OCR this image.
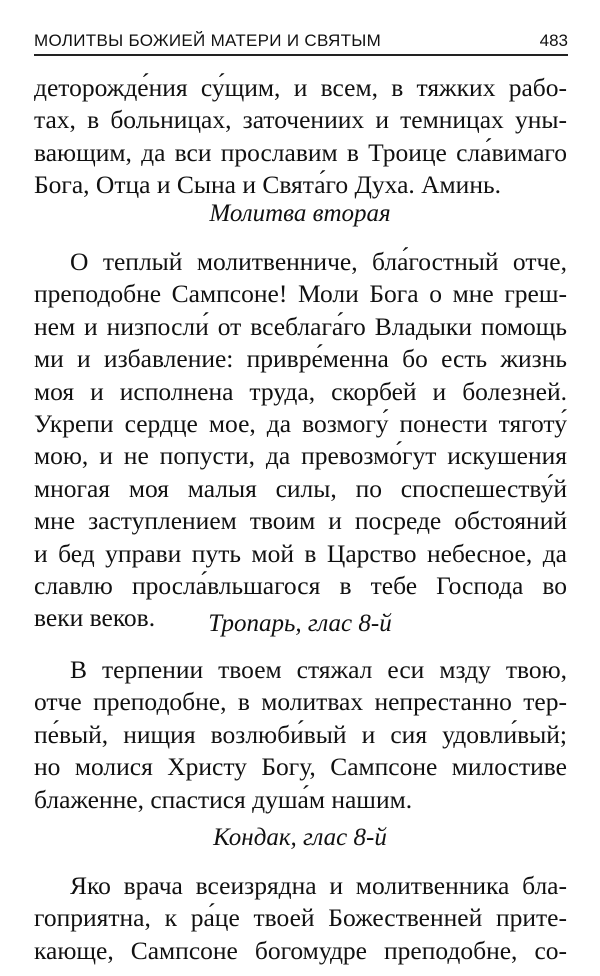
МОЛИТВЫ БОЖИЕЙ МАТЕРИ И СВЯТЫМ	483
деторожде́ния су́щим, и всем, в тяжких рабо-
тах, в больницах, заточениих и темницах уны-
вающим, да вси прославим в Троице сла́вимаго
Бога, Отца и Сына и Свята́го Духа. Аминь.
Молитва вторая
О теплый молитвенниче, бла́гостный отче,
преподобне Сампсоне! Моли Бога о мне греш-
нем и низпосли́ от всеблага́го Владыки помощь
ми и избавление: привре́менна бо есть жизнь
моя и исполнена труда, скорбей и болезней.
Укрепи сердце мое, да возмогу́ понести тяготу́
мою, и не попусти, да превозмо́гут искушения
многая моя малыя силы, по споспешеству́й
мне заступлением твоим и посреде обстояний
и бед управи путь мой в Царство небесное, да
славлю просла́вльшагося в тебе Господа во
веки веков.	Тропарь, глас 8-й
В терпении твоем стяжал еси мзду твою,
отче преподобне, в молитвах непрестанно тер-
пе́вый, нищия возлюби́вый и сия удовли́вый;
но молися Христу Богу, Сампсоне милостиве
блаженне, спастися душа́м нашим.
Кондак, глас 8-й
Яко врача всеизрядна и молитвенника бла-
гоприятна, к ра́це твоей Божественней прите-
кающе, Сампсоне богомудре преподобне, со-
